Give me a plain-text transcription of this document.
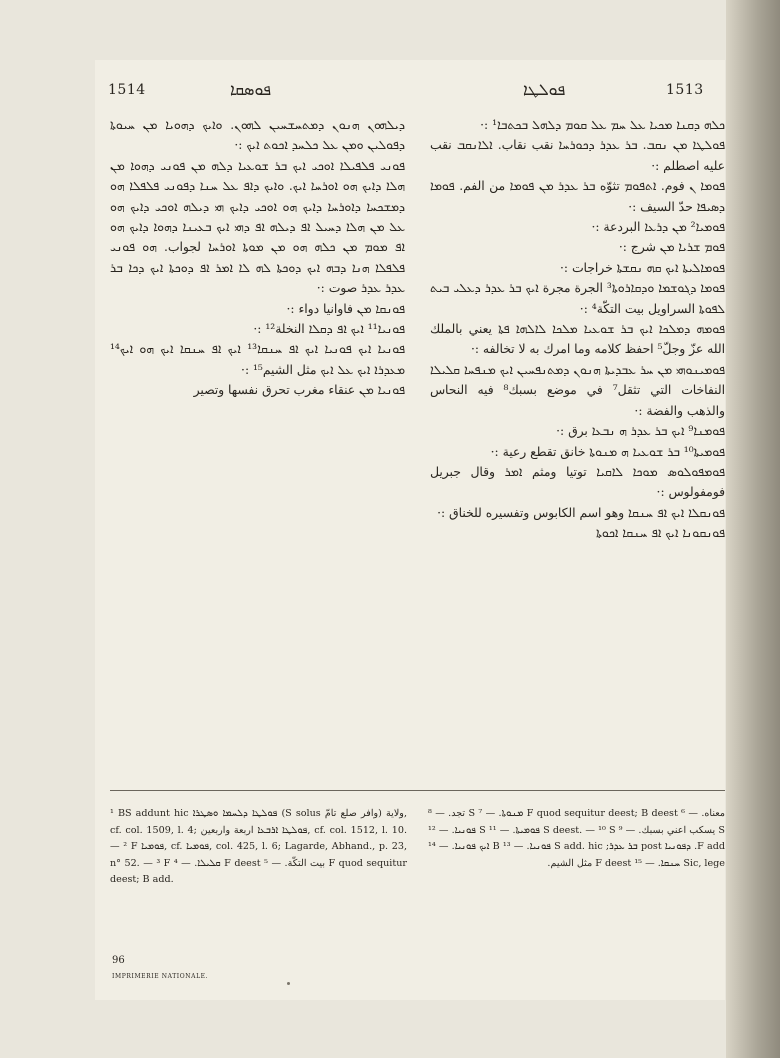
1514	ܦܘܣܩܐ	ܦܘܠܛܐ	1513

ܟܠܗ ܕܩܢܐ ܡܟܝܐ ܥܠ ܚܡ ܥܠ ܩܘܡ ܕܠܗܠ ܒܟܬܒܐ¹ :·

ܦܘܠܛܐ ܡܢ ܢܩܒ. ܒܪ ܥܕܪ ܕܟܘܪܚܐ نقب نقاب. ܐܠܐܢܩܒ نقب عليه اصطلم :·

ܦܘܡܐ ܢ فوم. ܐܬܦܘܡ تثوّه ܒܪ ܥܕܪ ܡܢ ܦܘܡܐ من الفم. ܦܘܡܐ ܕܣܝܦܐ حدّ السيف :·

ܦܘܡܝܐ² ܡܢ ܕܪܥܐ البردعة :·

ܦܘܡ ܫܪܝܐ ܡܢ شرج :·

ܦܘܡܐܠܝܬܐ ܐܝܟ ܩܗ ܢܩܫܬܐ خراجات :·

ܦܘܡܐ ܕܓܘܫܡܐ ܘܕܩܐܪܘܬܐ³ الجرة مجرة ܐܝܟ ܒܪ ܥܕܪ ܕܥܠܝ ܒܝܬ ܠܦܘܬܐ السراويل بيت التكّة⁴ :·

ܦܘܡܗ ܕܡܠܟܐ ܐܝܟ ܒܪ ܫܘܥܝܐ ܡܠܟܐ ܠܐܠܗܐ ܦܬܐ يعني بالملك الله عزّ وجلّ⁵ احفظ كلامه وما امرك به لا تخالفه :·

ܦܘܡܝܢܘܗܝ ܡܢ ܚܪ ܥܒܕܝܬܐ ܗܢܘܢ ܕܡܬܢܦܚܝܢ ܐܝܟ ܡܢܦܚܐ ܩܠܝܠܐ النفاخات التي تثقل⁷ في موضع بسبك⁸ فيه النحاس والذهب والفضة :·

ܦܘܡܢܐ⁹ ܐܝܟ ܒܪ ܥܕܪ ܗ ܢܒܥܐ برق :·

ܦܘܡܝܬܐ¹⁰ ܒܪ ܫܘܥܝܐ ܗ ܡܢܘܬܐ خانق تقطع رعية :·

ܦܘܡܦܘܠܘܣ ܡܘܟܐ ܠܐܩܝܐ توتيا ومثم ܐܡܪ وقال جبريل فومفولوس :·

ܦܘܢܩܠܐ ܐܝܟ ܐܦ ܚܢܩܐ وهو اسم الكابوس وتفسيره للخناق :·

ܦܘܢܩܘܢܐ ܐܝܟ ܐܦ ܚܢܩܐ ܐܟܘܬܐ

ܕܝܠܗܘܢ ܗܢܘܢ ܕܡܬܚܫܚܝܢ ܠܗܘܢ. ܘܐܝܟ ܕܗܘܝܐ ܡܢ ܚܝܘܬܐ ܕܦܘܠܝܢ ܘܡܢ ܥܠ ܟܠܚܕ ܐܟܘܬ ܐܝܟ :·

ܦܘܢܝ ܦܠܦܝܠܐ ܐܘܟܝ ܐܝܟ ܒܪ ܫܘܥܝܐ ܕܠܗ ܡܢ ܦܘܢܝ ܕܗܘܐ ܡܢ ܗܠܐ ܕܐܝܟ ܗܘ ܐܘܪܚܐ ܐܝܟ. ܘܐܝܟ ܕܐܦ ܥܠ ܚܢܐ ܕܦܘܢܝ ܦܠܦܠܐ ܗܘ ܕܡܫܟܚܐ ܕܐܘܪܚܐ ܕܐܝܟ ܗܘ ܐܘܟܝ ܕܐܝܟ ܗܝ ܕܝܠܗ ܐܘܟܝ ܕܐܝܟ ܗܘ ܥܠ ܡܢ ܗܠܐ ܕܚܝܠ ܐܦ ܕܝܠܗ ܐܦ ܕܗܝ ܐܝܟ ܒܥܝܢܐ ܕܗܘܐ ܕܐܝܟ ܗܘ ܐܦ ܡܘܡ ܡܢ ܟܠܗ ܗܘ ܡܢ ܡܘܬܐ ܐܘܪܚܐ لجواب. ܗܘ ܦܘܢܝ ܦܠܦܠܐ ܗܢܐ ܕܒܗ ܐܝܟ ܕܘܟܬܐ ܠܗ ܠܐ ܐܡܪ ܐܦ ܕܘܟܬܐ ܐܝܟ ܕܟܐ ܒܪ ܥܕܪ ܥܕܪ صوت :·

ܦܘܢܩܐ ܡܢ فاوانيا دواء :·

ܦܘܢܝܐ¹¹ ܐܝܟ ܐܦ ܕܩܠܐ النخلة¹² :·

ܦܘܢܝܐ ܐܝܟ ܦܘܢܝܐ ܐܝܟ ܐܦ ܚܢܩܐ¹³ ܐܝܟ ܐܦ ܚܢܩܐ ܐܝܟ ܗܘ ܐܝܟ¹⁴ ܡܥܕܪܐ ܐܝܟ ܥܠ ܐܝܟ مثل الشيم¹⁵ :·

ܦܘܢܝܐ ܡܢ عنقاء مغرب تحرق نفسها وتصير

¹ BS addunt hic ܦܘܠܛܐ ܕܠܚܡܐ ܘܣܛܪܐ (S solus وافر صلع تامّ) ولاية, cf. col. 1509, l. 4; ܦܘܠܛܐ ܐܪܒܥܐ اربعة واربعين, cf. col. 1512, l. 10. — ² F ܦܘܡܝܐ, cf. ܦܘܡܝܐ, col. 425, l. 6; Lagarde, Abhand., p. 23, n° 52. — ³ F ܩܠܝܠܐ. — ⁴ F deest بيت التكّة. — ⁵ F quod sequitur deest; B add.

معناه. — ⁶ F quod sequitur deest; B deest ܡܢܘܬܐ. — ⁷ S تجد. — ⁸ S يسكب اعني بسبك. — ⁹ S deest. — ¹⁰ S ܦܘܡܝܬܐ. — ¹¹ S ܦܘܢܝܐ. — ¹² F add. ܕܦܘܢܝܐ post ܒܪ ܥܕܪ; S add. hic ܦܘܢܝܐ. — ¹³ B ܐܝܟ ܦܘܢܝܐ. — ¹⁴ Sic, lege ܚܢܩܐ. — ¹⁵ F deest مثل الشيم.

96
IMPRIMERIE NATIONALE.
